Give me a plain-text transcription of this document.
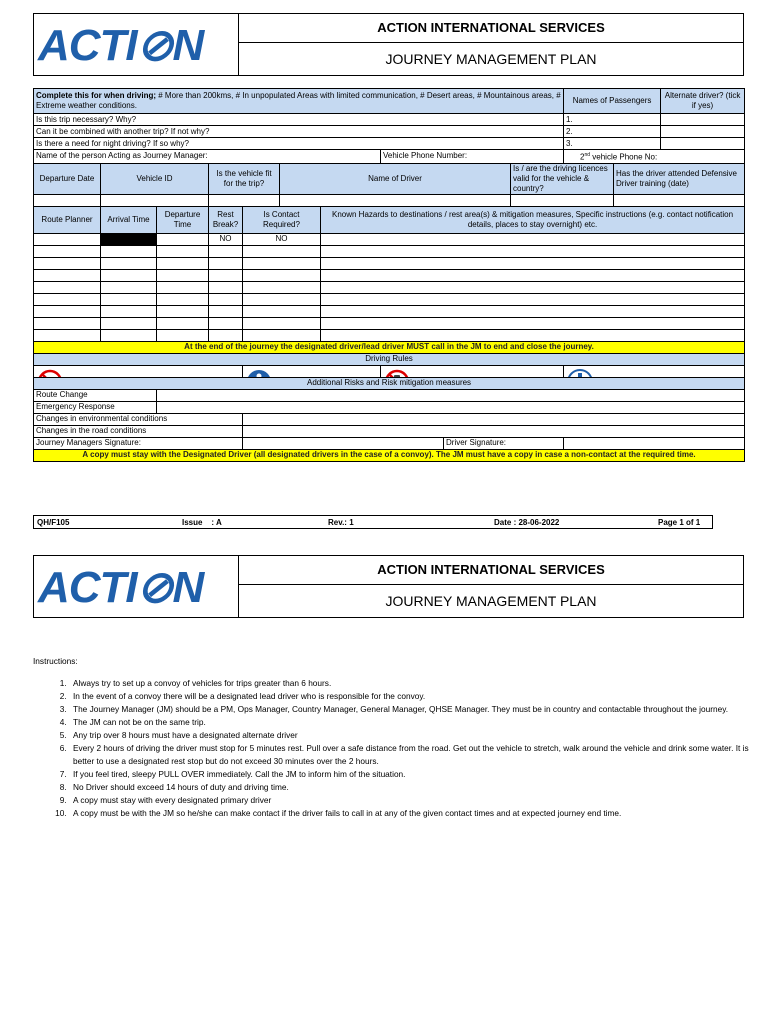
ACTI⊘N	ACTION INTERNATIONAL SERVICES
JOURNEY MANAGEMENT PLAN
Complete this for when driving; # More than 200kms, # In unpopulated Areas with limited communication, # Desert areas, # Mountainous areas, # Extreme weather conditions.										Names of Passengers		Alternate driver? (tick if yes)

Is this trip necessary? Why?										1.		
Can it be combined with another trip? If not why?										2.		
Is there a need for night driving? If so why?										3.		
Name of the person Acting as Journey Manager:							Vehicle Phone Number:			2nd vehicle Phone No:		
Departure Date	Vehicle ID		Is the vehicle fit for the trip?		Name of Driver				Is / are the driving licences valid for the vehicle & country?		Has the driver attended Defensive Driver training (date)	

Route Planner	Arrival Time	Departure Time	Rest Break?	Is Contact Required?		Known Hazards to destinations / rest area(s) & mitigation measures, Specific instructions (e.g. contact notification details, places to stay overnight) etc.						
			NO	NO								

At the end of the journey the designated driver/lead driver MUST call in the JM to end and close the journey.												
Driving Rules												

Additional Risks and Risk mitigation measures												
Route Change												
Emergency Response												
Changes in environmental conditions												
Changes in the road conditions												
Journey Managers Signature:								Driver Signature:				
A copy must stay with the Designated Driver (all designated drivers in the case of a convoy). The JM must have a copy in case a non-contact at the required time.												
QH/F105	Issue    : A	Rev.: 1	Date : 28-06-2022	Page 1 of 1
ACTI⊘N	ACTION INTERNATIONAL SERVICES
JOURNEY MANAGEMENT PLAN
Instructions:
1. Always try to set up a convoy of vehicles for trips greater than 6 hours.
2. In the event of a convoy there will be a designated lead driver who is responsible for the convoy.
3. The Journey Manager (JM) should be a PM, Ops Manager, Country Manager, General Manager, QHSE Manager. They must be in country and contactable throughout the journey.
4. The JM can not be on the same trip.
5. Any trip over 8 hours must have a designated alternate driver
6. Every 2 hours of driving the driver must stop for 5 minutes rest. Pull over a safe distance from the road. Get out the vehicle to stretch, walk around the vehicle and drink some water. It is better to use a designated rest stop but do not exceed 30 minutes over the 2 hours.
7. If you feel tired, sleepy PULL OVER immediately. Call the JM to inform him of the situation.
8. No Driver should exceed 14 hours of duty and driving time.
9. A copy must stay with every designated primary driver
10. A copy must be with the JM so he/she can make contact if the driver fails to call in at any of the given contact times and at expected journey end time.
